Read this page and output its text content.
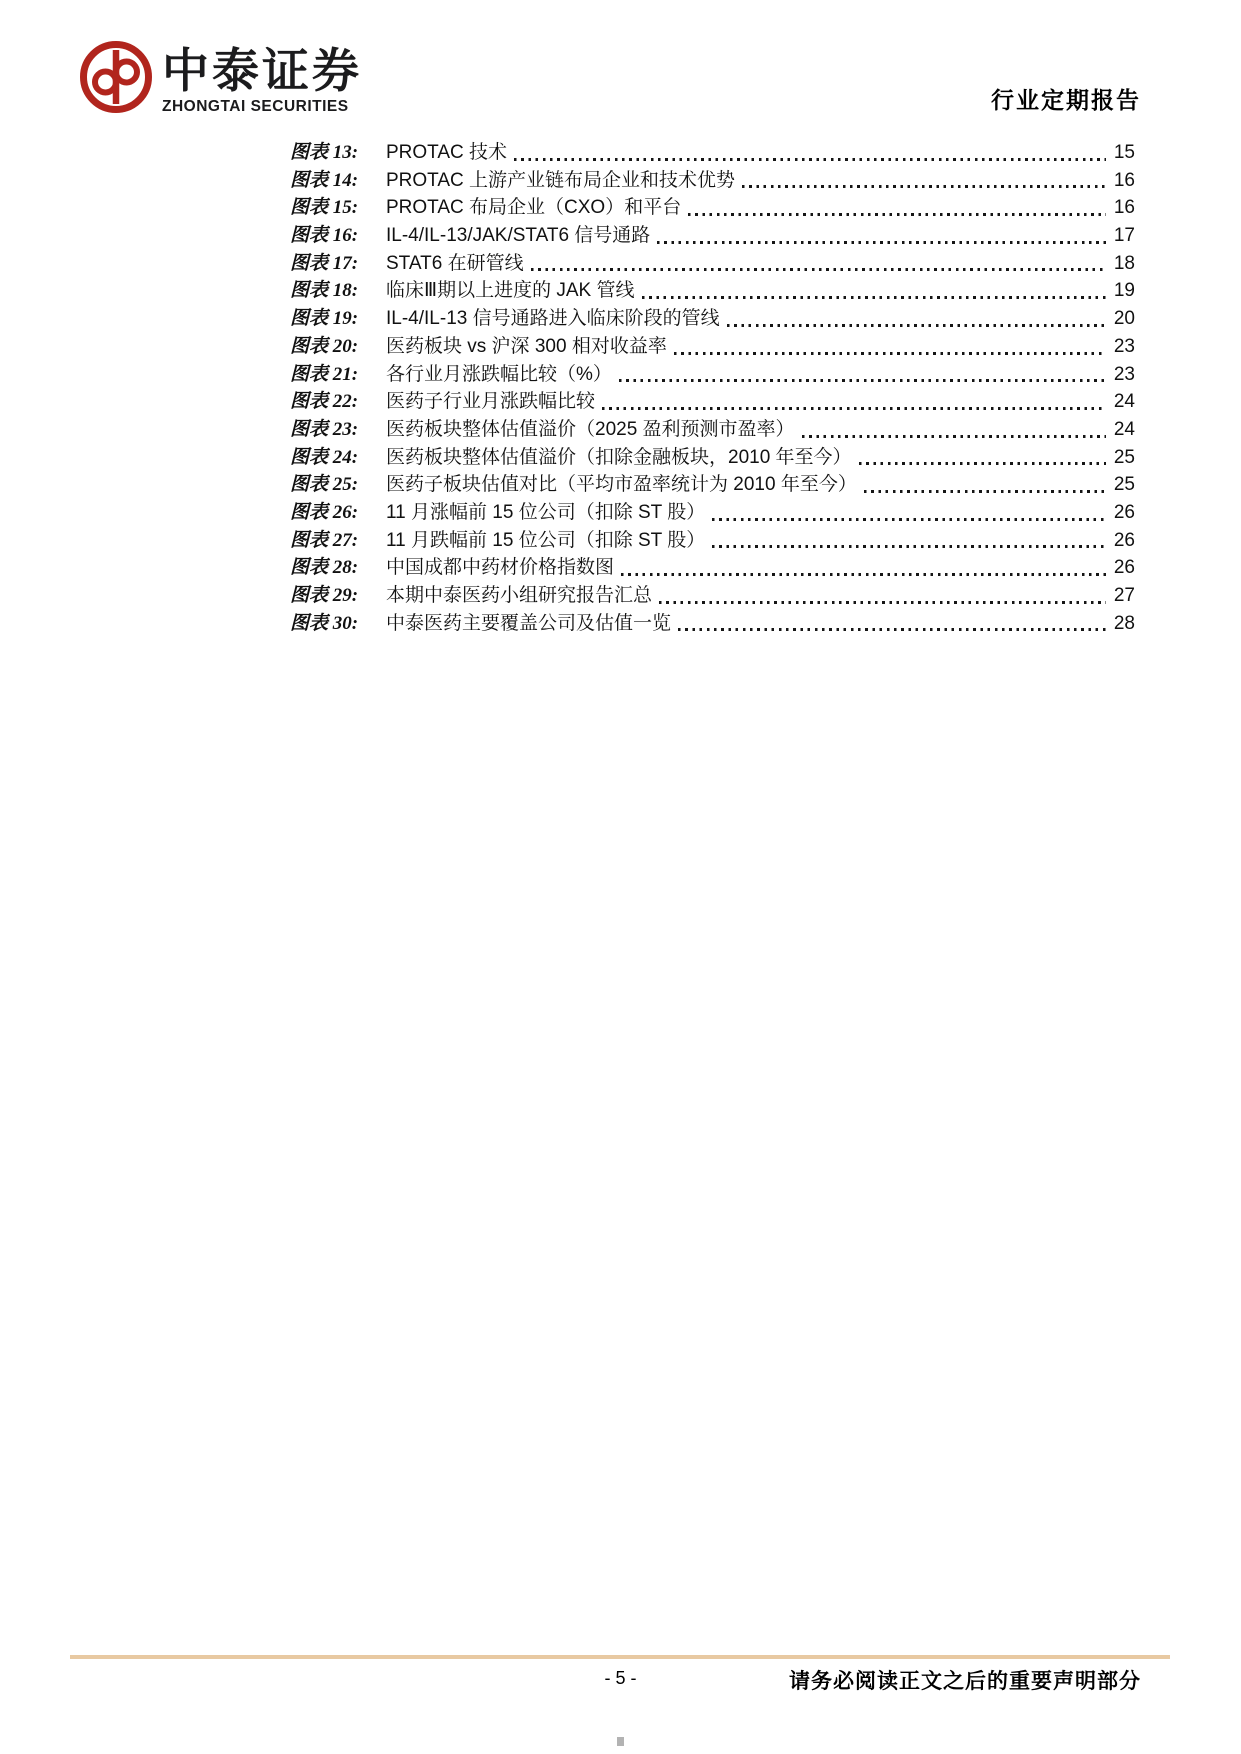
中泰证券
ZHONGTAI SECURITIES	行业定期报告
图表 13:	PROTAC 技术	15
图表 14:	PROTAC 上游产业链布局企业和技术优势	16
图表 15:	PROTAC 布局企业（CXO）和平台	16
图表 16:	IL-4/IL-13/JAK/STAT6 信号通路	17
图表 17:	STAT6 在研管线	18
图表 18:	临床Ⅲ期以上进度的 JAK 管线	19
图表 19:	IL-4/IL-13 信号通路进入临床阶段的管线	20
图表 20:	医药板块 vs 沪深 300 相对收益率	23
图表 21:	各行业月涨跌幅比较（%）	23
图表 22:	医药子行业月涨跌幅比较	24
图表 23:	医药板块整体估值溢价（2025 盈利预测市盈率）	24
图表 24:	医药板块整体估值溢价（扣除金融板块，2010 年至今）	25
图表 25:	医药子板块估值对比（平均市盈率统计为 2010 年至今）	25
图表 26:	11 月涨幅前 15 位公司（扣除 ST 股）	26
图表 27:	11 月跌幅前 15 位公司（扣除 ST 股）	26
图表 28:	中国成都中药材价格指数图	26
图表 29:	本期中泰医药小组研究报告汇总	27
图表 30:	中泰医药主要覆盖公司及估值一览	28
- 5 -	请务必阅读正文之后的重要声明部分
